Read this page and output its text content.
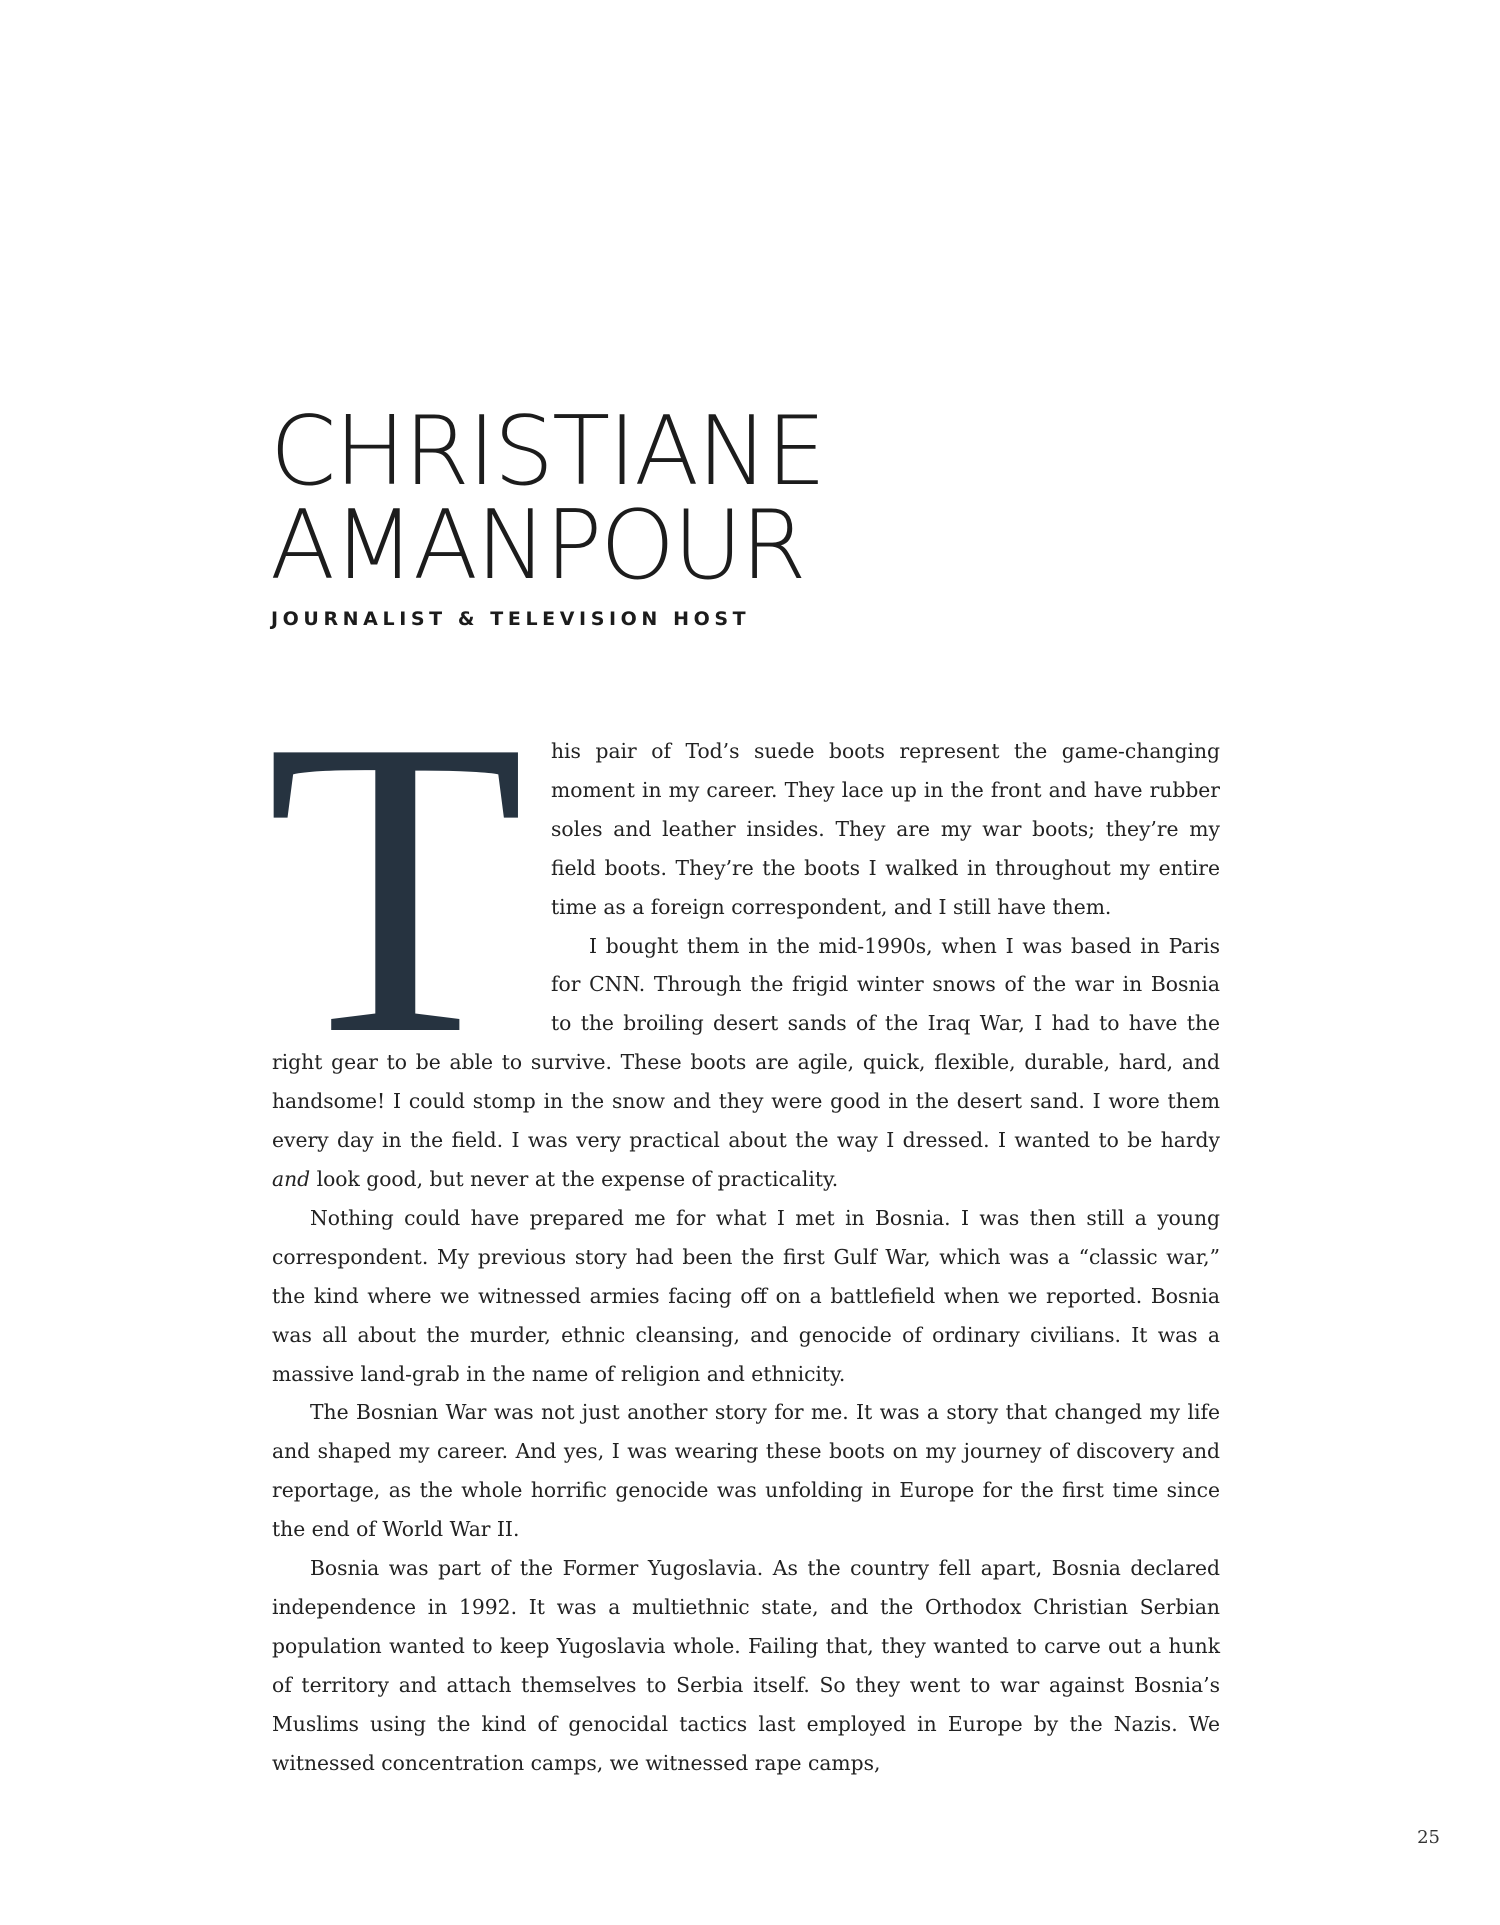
CHRISTIANE
AMANPOUR
JOURNALIST & TELEVISION HOST
T	his pair of Tod’s suede boots represent the game-changing moment in my career. They lace up in the front and have rubber soles and leather insides. They are my war boots; they’re my field boots. They’re the boots I walked in throughout my entire time as a foreign correspondent, and I still have them.

I bought them in the mid-1990s, when I was based in Paris for CNN. Through the frigid winter snows of the war in Bosnia to the broiling desert sands of the Iraq War, I had to have the right gear to be able to survive. These boots are agile, quick, flexible, durable, hard, and handsome! I could stomp in the snow and they were good in the desert sand. I wore them every day in the field. I was very practical about the way I dressed. I wanted to be hardy and look good, but never at the expense of practicality.

Nothing could have prepared me for what I met in Bosnia. I was then still a young correspondent. My previous story had been the first Gulf War, which was a “classic war,” the kind where we witnessed armies facing off on a battlefield when we reported. Bosnia was all about the murder, ethnic cleansing, and genocide of ordinary civilians. It was a massive land-grab in the name of religion and ethnicity.

The Bosnian War was not just another story for me. It was a story that changed my life and shaped my career. And yes, I was wearing these boots on my journey of discovery and reportage, as the whole horrific genocide was unfolding in Europe for the first time since the end of World War II.

Bosnia was part of the Former Yugoslavia. As the country fell apart, Bosnia declared independence in 1992. It was a multiethnic state, and the Orthodox Christian Serbian population wanted to keep Yugoslavia whole. Failing that, they wanted to carve out a hunk of territory and attach themselves to Serbia itself. So they went to war against Bosnia’s Muslims using the kind of genocidal tactics last employed in Europe by the Nazis. We witnessed concentration camps, we witnessed rape camps,

25
